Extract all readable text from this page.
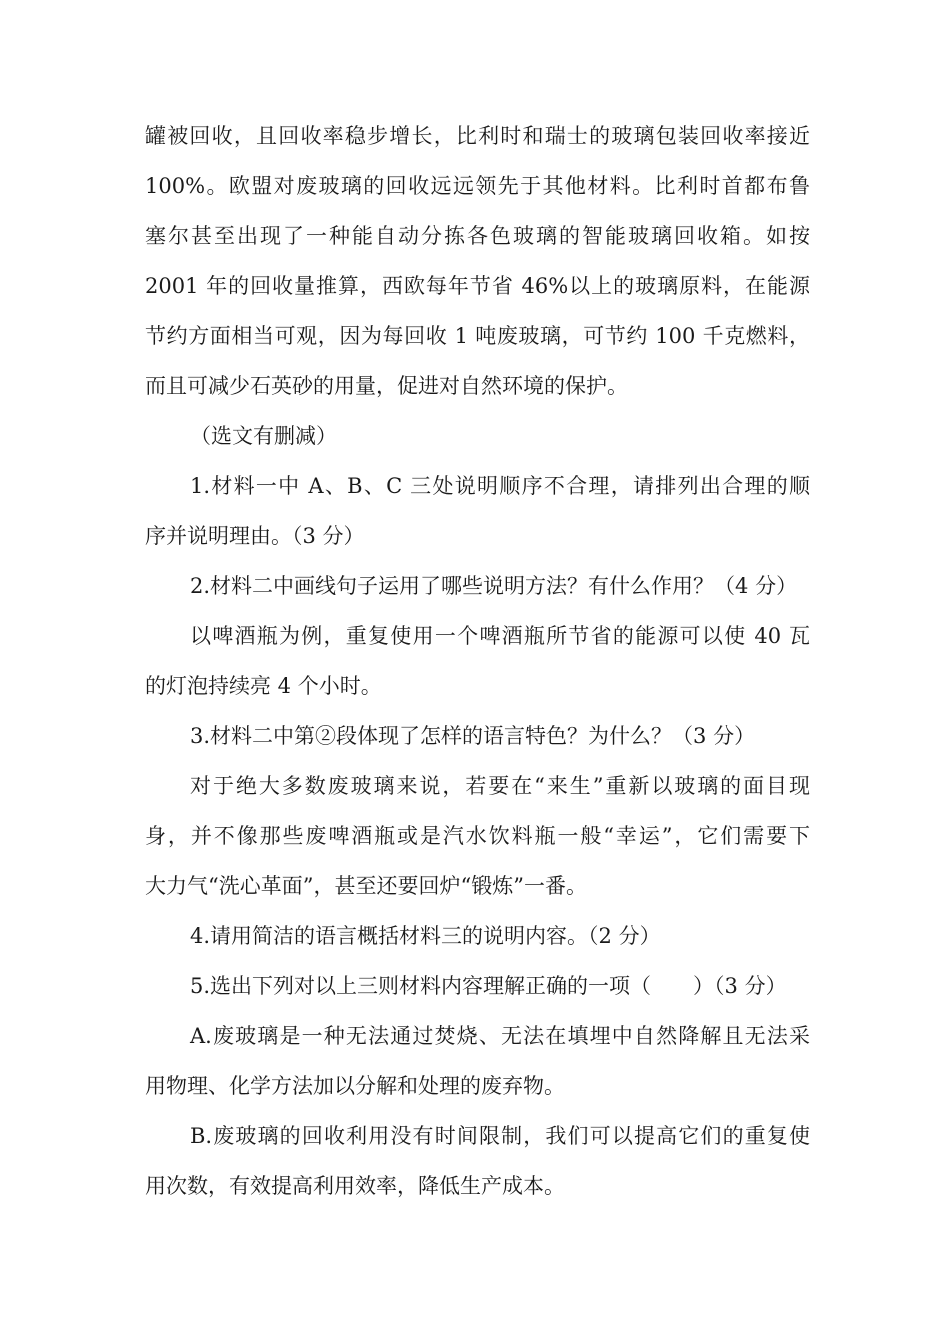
罐被回收，且回收率稳步增长，比利时和瑞士的玻璃包装回收率接近
100%。欧盟对废玻璃的回收远远领先于其他材料。比利时首都布鲁
塞尔甚至出现了一种能自动分拣各色玻璃的智能玻璃回收箱。如按
2001 年的回收量推算，西欧每年节省 46%以上的玻璃原料，在能源
节约方面相当可观，因为每回收 1 吨废玻璃，可节约 100 千克燃料，
而且可减少石英砂的用量，促进对自然环境的保护。
（选文有删减）
1.材料一中 A、B、C 三处说明顺序不合理，请排列出合理的顺
序并说明理由。（3 分）
2.材料二中画线句子运用了哪些说明方法？有什么作用？（4 分）
以啤酒瓶为例，重复使用一个啤酒瓶所节省的能源可以使 40 瓦
的灯泡持续亮 4 个小时。
3.材料二中第②段体现了怎样的语言特色？为什么？（3 分）
对于绝大多数废玻璃来说，若要在“来生”重新以玻璃的面目现
身，并不像那些废啤酒瓶或是汽水饮料瓶一般“幸运”，它们需要下
大力气“洗心革面”，甚至还要回炉“锻炼”一番。
4.请用简洁的语言概括材料三的说明内容。（2 分）
5.选出下列对以上三则材料内容理解正确的一项（　　）（3 分）
A.废玻璃是一种无法通过焚烧、无法在填埋中自然降解且无法采
用物理、化学方法加以分解和处理的废弃物。
B.废玻璃的回收利用没有时间限制，我们可以提高它们的重复使
用次数，有效提高利用效率，降低生产成本。
